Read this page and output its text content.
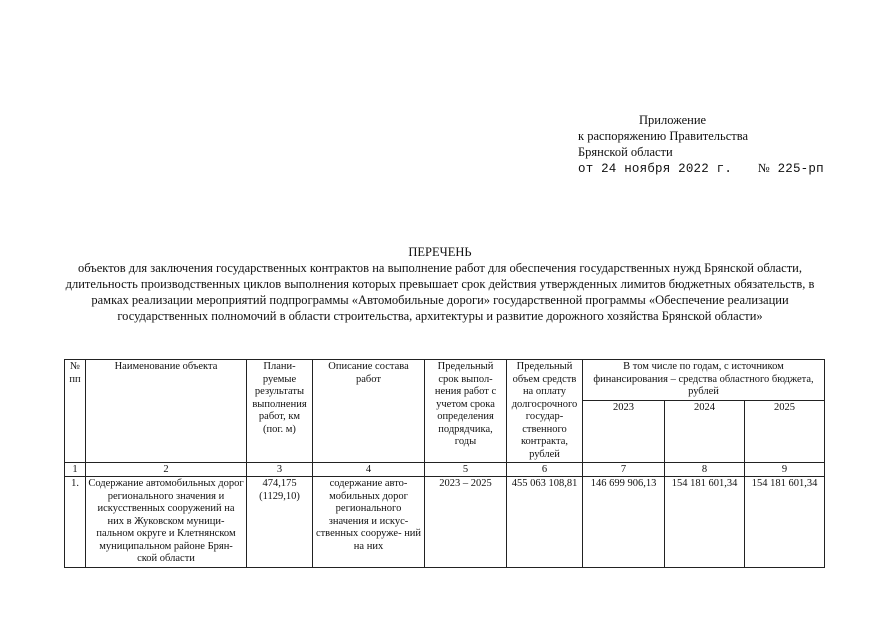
Приложение
к распоряжению Правительства
Брянской области
от 24 ноября 2022 г. № 225-рп
ПЕРЕЧЕНЬ
объектов для заключения государственных контрактов на выполнение работ для обеспечения государственных нужд Брянской области, длительность производственных циклов выполнения которых превышает срок действия утвержденных лимитов бюджетных обязательств, в рамках реализации мероприятий подпрограммы «Автомобильные дороги» государственной программы «Обеспечение реализации государственных полномочий в области строительства, архитектуры и развитие дорожного хозяйства Брянской области»
№ пп	Наименование объекта	Плани- руемые результаты выполнения работ, км (пог. м)	Описание состава работ	Предельный срок выпол- нения работ с учетом срока определения подрядчика, годы	Предельный объем средств на оплату долгосрочного государ- ственного контракта, рублей	В том числе по годам, с источником финансирования – средства областного бюджета, рублей		
						2023	2024	2025
1	2	3	4	5	6	7	8	9
1.	Содержание автомобильных дорог регионального значения и искусственных сооружений на них в Жуковском муници- пальном округе и Клетнянском муниципальном районе Брян- ской области	474,175 (1129,10)	содержание авто- мобильных дорог регионального значения и искус- ственных сооруже- ний на них	2023 – 2025	455 063 108,81	146 699 906,13	154 181 601,34	154 181 601,34
